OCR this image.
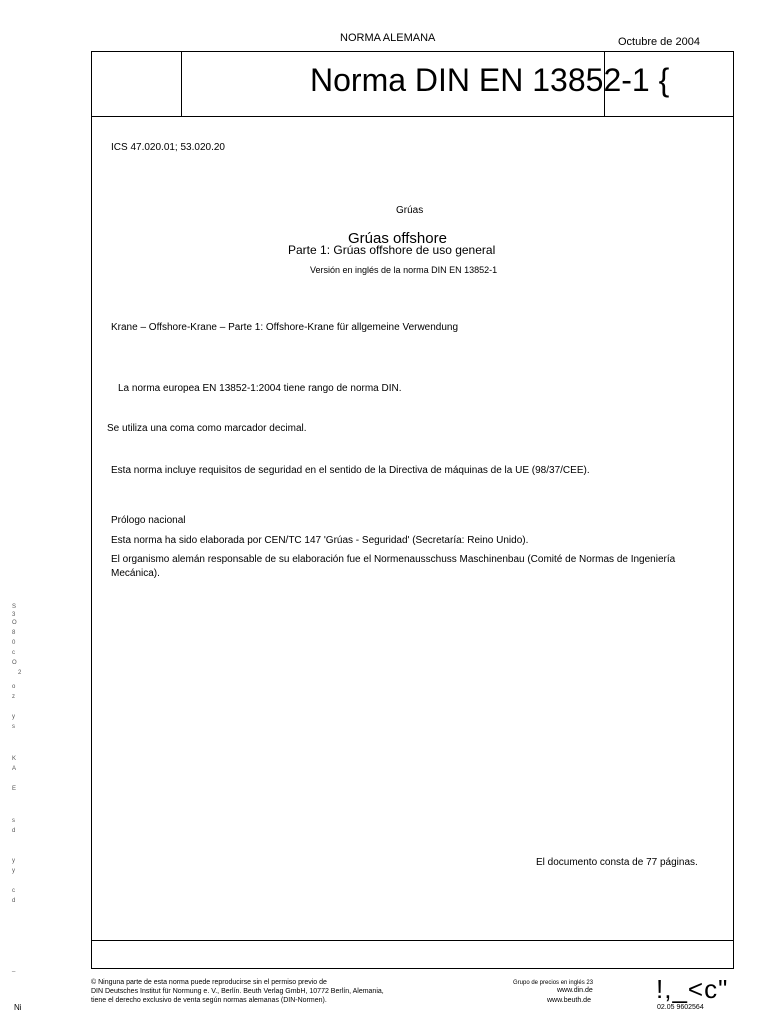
NORMA ALEMANA	Octubre de 2004
Norma DIN EN 13852-1 {
ICS 47.020.01; 53.020.20
Grúas
Grúas offshore
Parte 1: Grúas offshore de uso general
Versión en inglés de la norma DIN EN 13852-1
Krane – Offshore-Krane – Parte 1: Offshore-Krane für allgemeine Verwendung
La norma europea EN 13852-1:2004 tiene rango de norma DIN.
Se utiliza una coma como marcador decimal.
Esta norma incluye requisitos de seguridad en el sentido de la Directiva de máquinas de la UE (98/37/CEE).
Prólogo nacional
Esta norma ha sido elaborada por CEN/TC 147 'Grúas - Seguridad' (Secretaría: Reino Unido).
El organismo alemán responsable de su elaboración fue el Normenausschuss Maschinenbau (Comité de Normas de Ingeniería Mecánica).
El documento consta de 77 páginas.
© Ninguna parte de esta norma puede reproducirse sin el permiso previo de
DIN Deutsches Institut für Normung e. V., Berlín. Beuth Verlag GmbH, 10772 Berlín, Alemania,
tiene el derecho exclusivo de venta según normas alemanas (DIN-Normen).
Grupo de precios en inglés 23
www.din.de
www.beuth.de	!,_<c"
02.05 9602564
S
3
O
8
0
c
O
2
o
z
y
s
K
A
E
s
d
y
y
c
d
_
Ni
